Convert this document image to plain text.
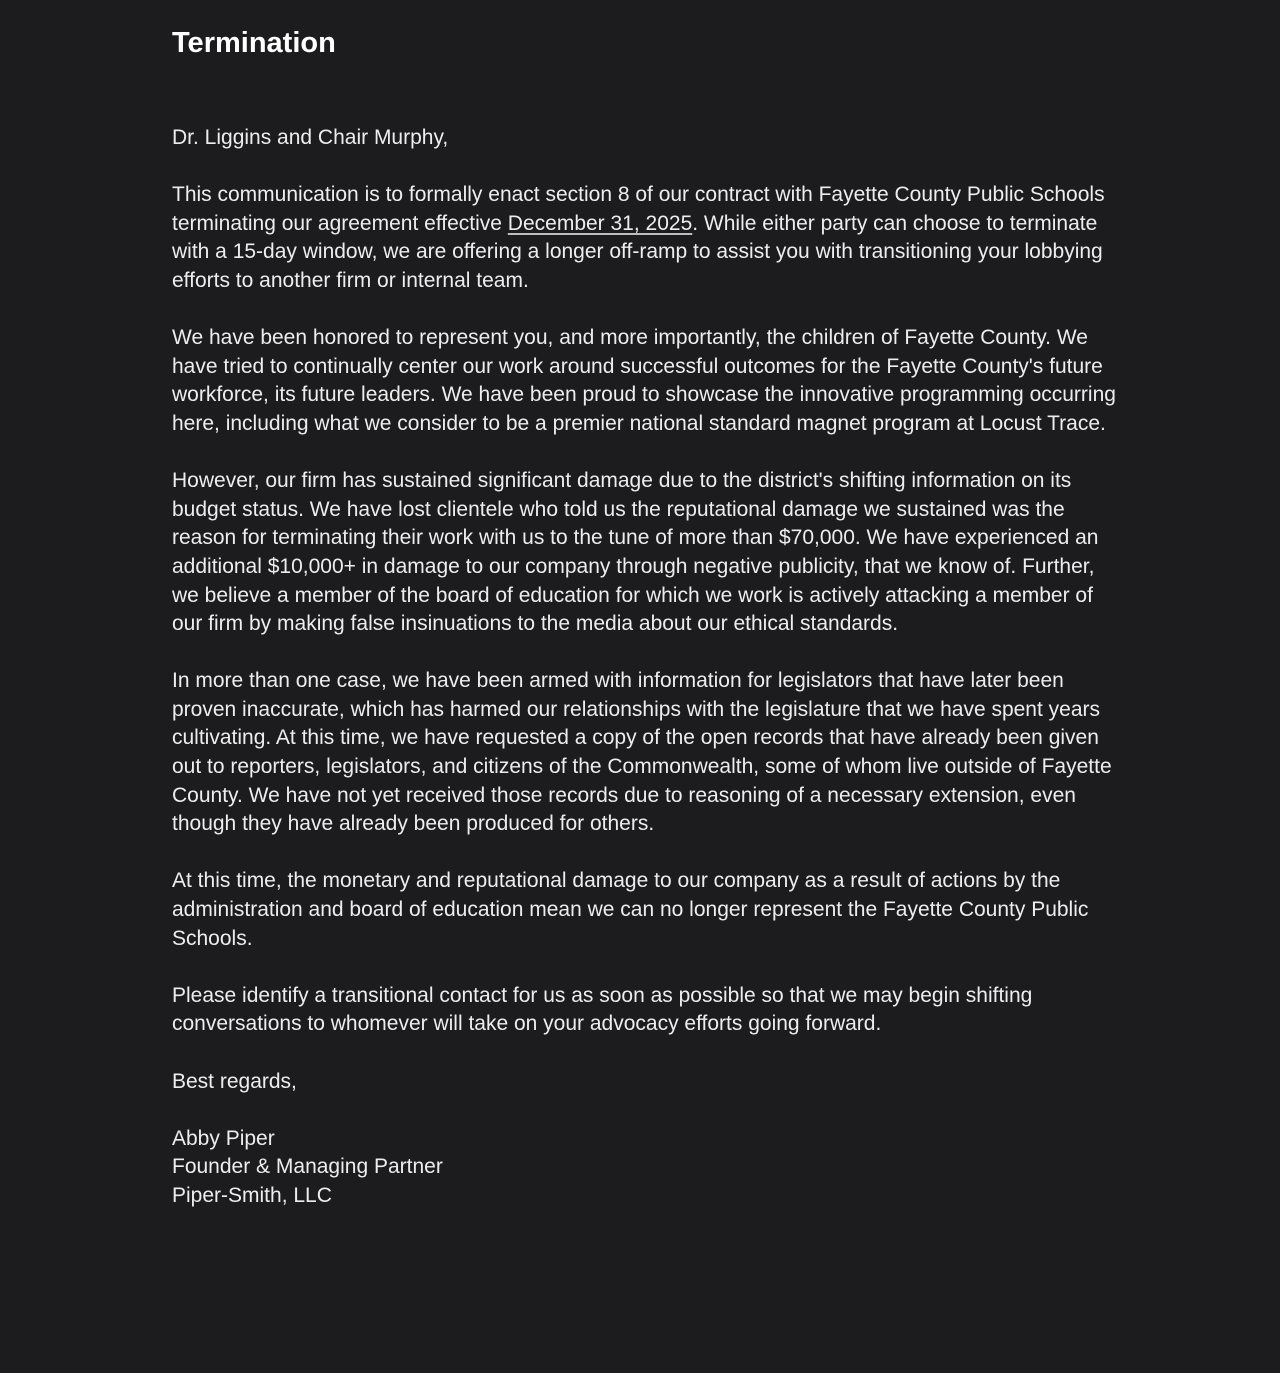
Termination

Dr. Liggins and Chair Murphy,

This communication is to formally enact section 8 of our contract with Fayette County Public Schools terminating our agreement effective December 31, 2025. While either party can choose to terminate with a 15-day window, we are offering a longer off-ramp to assist you with transitioning your lobbying efforts to another firm or internal team.

We have been honored to represent you, and more importantly, the children of Fayette County. We have tried to continually center our work around successful outcomes for the Fayette County's future workforce, its future leaders. We have been proud to showcase the innovative programming occurring here, including what we consider to be a premier national standard magnet program at Locust Trace.

However, our firm has sustained significant damage due to the district's shifting information on its budget status. We have lost clientele who told us the reputational damage we sustained was the reason for terminating their work with us to the tune of more than $70,000. We have experienced an additional $10,000+ in damage to our company through negative publicity, that we know of. Further, we believe a member of the board of education for which we work is actively attacking a member of our firm by making false insinuations to the media about our ethical standards.

In more than one case, we have been armed with information for legislators that have later been proven inaccurate, which has harmed our relationships with the legislature that we have spent years cultivating. At this time, we have requested a copy of the open records that have already been given out to reporters, legislators, and citizens of the Commonwealth, some of whom live outside of Fayette County. We have not yet received those records due to reasoning of a necessary extension, even though they have already been produced for others.

At this time, the monetary and reputational damage to our company as a result of actions by the administration and board of education mean we can no longer represent the Fayette County Public Schools.

Please identify a transitional contact for us as soon as possible so that we may begin shifting conversations to whomever will take on your advocacy efforts going forward.

Best regards,

Abby Piper
Founder & Managing Partner
Piper-Smith, LLC
